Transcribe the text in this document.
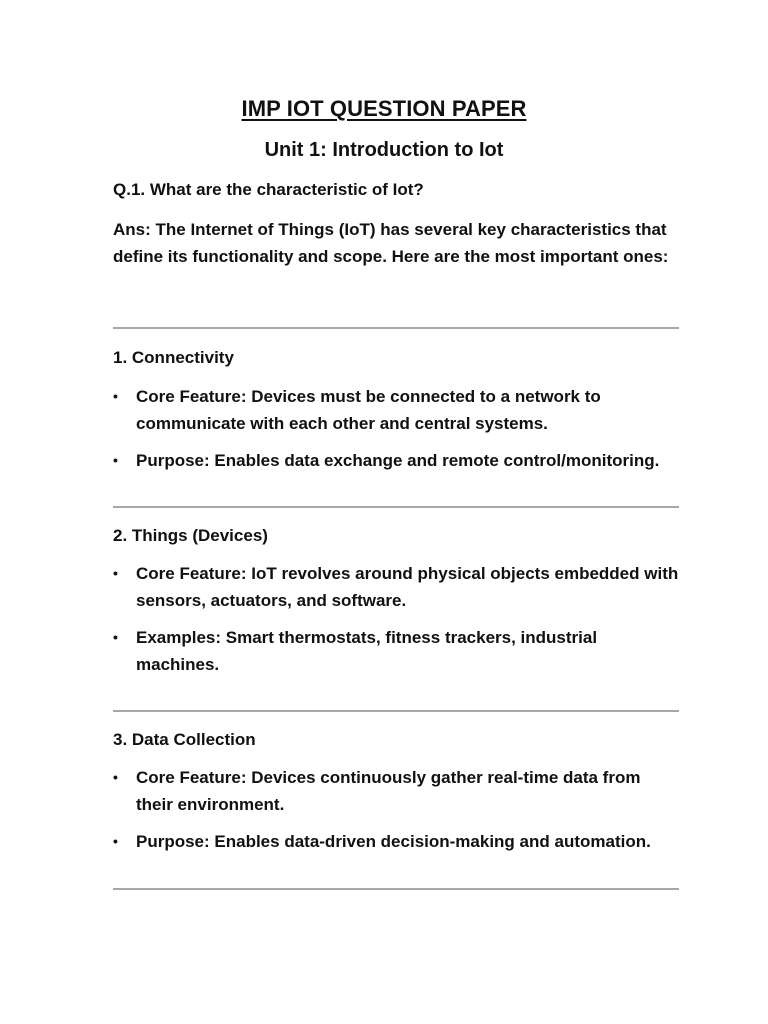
IMP IOT QUESTION PAPER
Unit 1: Introduction to Iot
Q.1. What are the characteristic of Iot?
Ans: The Internet of Things (IoT) has several key characteristics that define its functionality and scope. Here are the most important ones:
1. Connectivity
• Core Feature: Devices must be connected to a network to communicate with each other and central systems.
• Purpose: Enables data exchange and remote control/monitoring.
2. Things (Devices)
• Core Feature: IoT revolves around physical objects embedded with sensors, actuators, and software.
• Examples: Smart thermostats, fitness trackers, industrial machines.
3. Data Collection
• Core Feature: Devices continuously gather real-time data from their environment.
• Purpose: Enables data-driven decision-making and automation.
